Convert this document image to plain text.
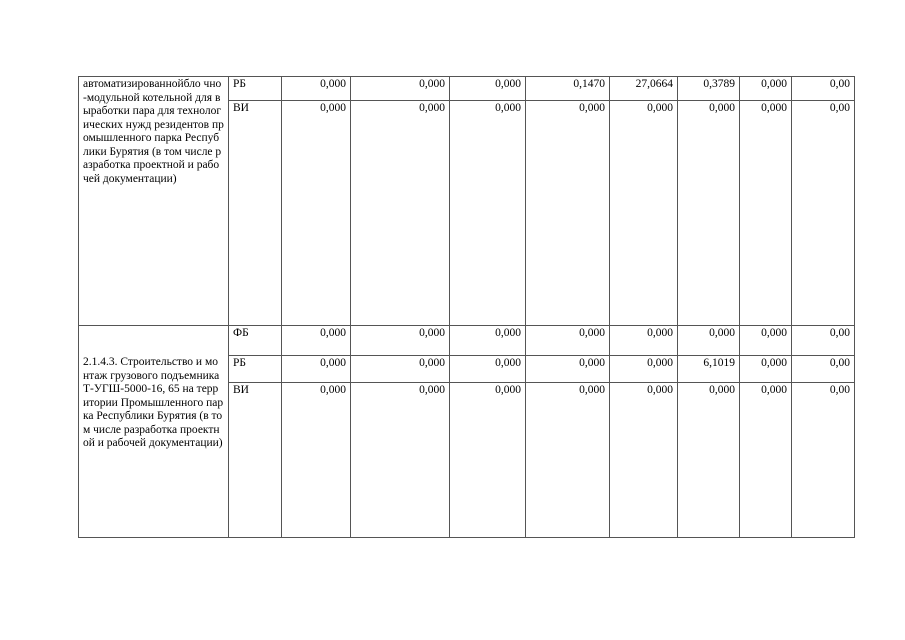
автоматизированнойбло чно-модульной котельной для выработки пара для технологических нужд резидентов промышленного парка Республики Бурятия (в том числе разработка проектной и рабочей документации)	РБ	0,000	0,000	0,000	0,1470	27,0664	0,3789	0,000	0,00
	ВИ	0,000	0,000	0,000	0,000	0,000	0,000	0,000	0,00

2.1.4.3. Строительство и монтаж грузового подъемника Т-УГШ-5000-16, 65 на территории Промышленного парка Республики Бурятия (в том числе разработка проектной и рабочей документации)	ФБ	0,000	0,000	0,000	0,000	0,000	0,000	0,000	0,00
	РБ	0,000	0,000	0,000	0,000	0,000	6,1019	0,000	0,00
	ВИ	0,000	0,000	0,000	0,000	0,000	0,000	0,000	0,00
